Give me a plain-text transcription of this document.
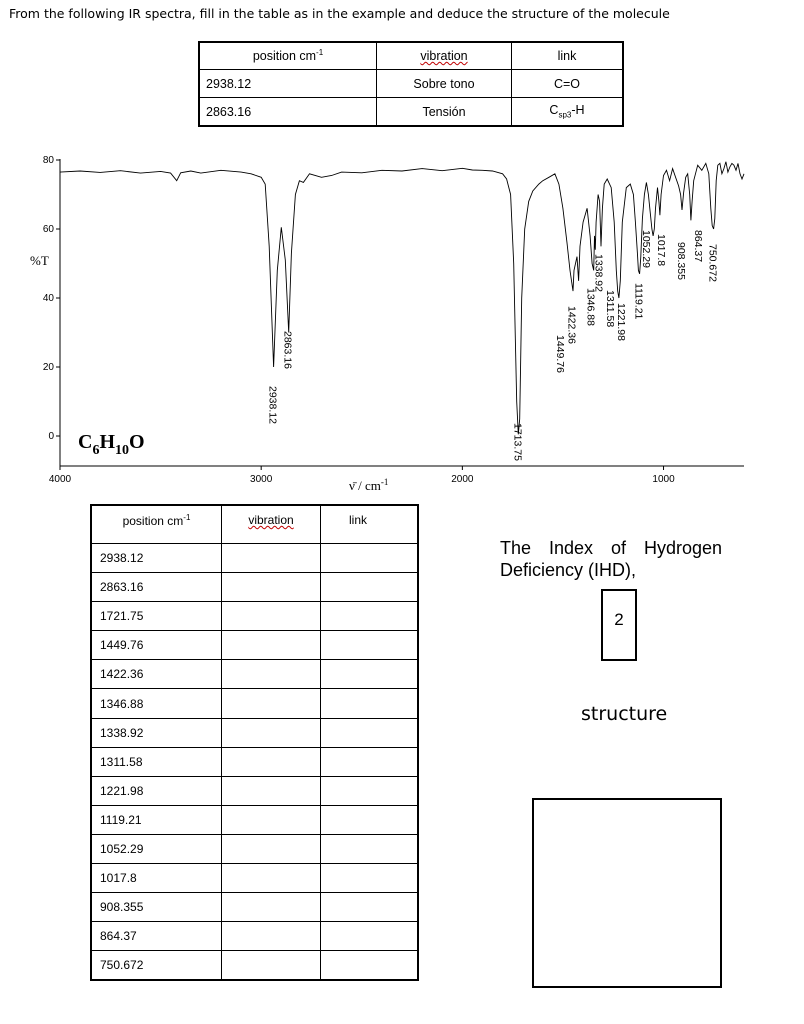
From the following IR spectra, fill in the table as in the example and deduce the structure of the molecule
position $cm^{-1}$	vibration	link
2938.12	Sobre tono	C=O
2863.16	Tensión	$C_{sp3}-H$
0
20
40
60
80
4000	3000	2000	1000
2938.12
2863.16
1713.75
1449.76
1422.36 1346.88
1338.92
1311.58 1221.98
1119.21
1052.29 1017.8 908.355 864.37 750.672
%T
ν̄ / $cm^{-1}$
$C_6H_{10}O$
position $cm^{-1}$	vibration	link
2938.12		
2863.16		
1721.75		
1449.76		
1422.36		
1346.88		
1338.92		
1311.58		
1221.98		
1119.21		
1052.29		
1017.8		
908.355		
864.37		
750.672		
The Index of Hydrogen Deficiency (IHD),
2
structure
